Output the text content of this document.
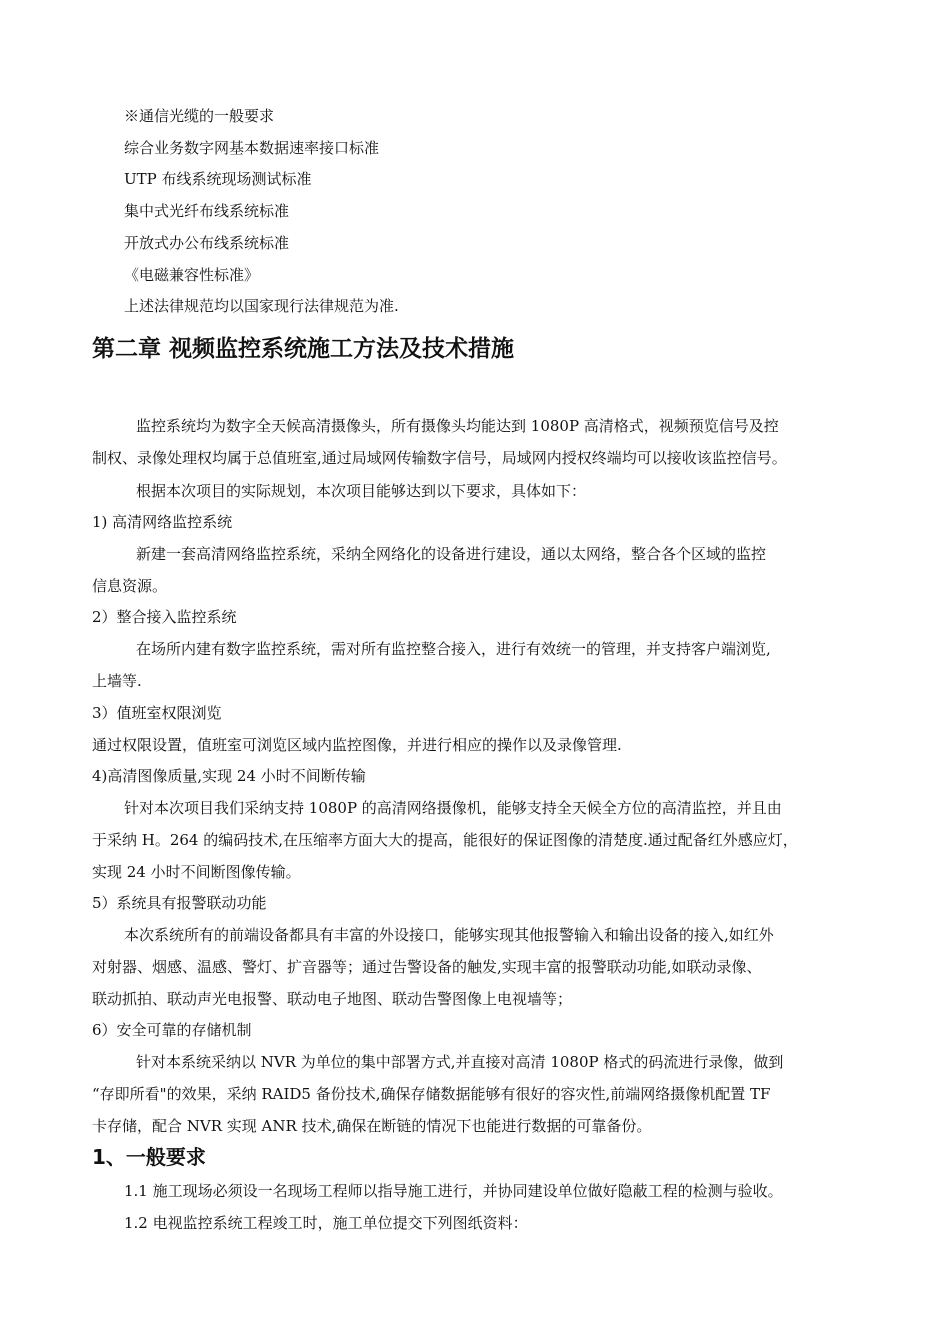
※通信光缆的一般要求
综合业务数字网基本数据速率接口标准
UTP 布线系统现场测试标准
集中式光纤布线系统标准
开放式办公布线系统标准
《电磁兼容性标准》
上述法律规范均以国家现行法律规范为准.
第二章 视频监控系统施工方法及技术措施
监控系统均为数字全天候高清摄像头，所有摄像头均能达到 1080P 高清格式，视频预览信号及控
制权、录像处理权均属于总值班室,通过局域网传输数字信号，局域网内授权终端均可以接收该监控信号。
根据本次项目的实际规划，本次项目能够达到以下要求，具体如下：
1) 高清网络监控系统
新建一套高清网络监控系统，采纳全网络化的设备进行建设，通以太网络，整合各个区域的监控
信息资源。
2）整合接入监控系统
在场所内建有数字监控系统，需对所有监控整合接入，进行有效统一的管理，并支持客户端浏览,
上墙等.
3）值班室权限浏览
通过权限设置，值班室可浏览区域内监控图像，并进行相应的操作以及录像管理.
4)高清图像质量,实现 24 小时不间断传输
针对本次项目我们采纳支持 1080P 的高清网络摄像机，能够支持全天候全方位的高清监控，并且由
于采纳 H。264 的编码技术,在压缩率方面大大的提高，能很好的保证图像的清楚度.通过配备红外感应灯，
实现 24 小时不间断图像传输。
5）系统具有报警联动功能
本次系统所有的前端设备都具有丰富的外设接口，能够实现其他报警输入和输出设备的接入,如红外
对射器、烟感、温感、警灯、扩音器等；通过告警设备的触发,实现丰富的报警联动功能,如联动录像、
联动抓拍、联动声光电报警、联动电子地图、联动告警图像上电视墙等；
6）安全可靠的存储机制
针对本系统采纳以 NVR 为单位的集中部署方式,并直接对高清 1080P 格式的码流进行录像，做到
“存即所看"的效果，采纳 RAID5 备份技术,确保存储数据能够有很好的容灾性,前端网络摄像机配置 TF
卡存储，配合 NVR 实现 ANR 技术,确保在断链的情况下也能进行数据的可靠备份。
1、一般要求
1.1 施工现场必须设一名现场工程师以指导施工进行，并协同建设单位做好隐蔽工程的检测与验收。
1.2 电视监控系统工程竣工时，施工单位提交下列图纸资料：
